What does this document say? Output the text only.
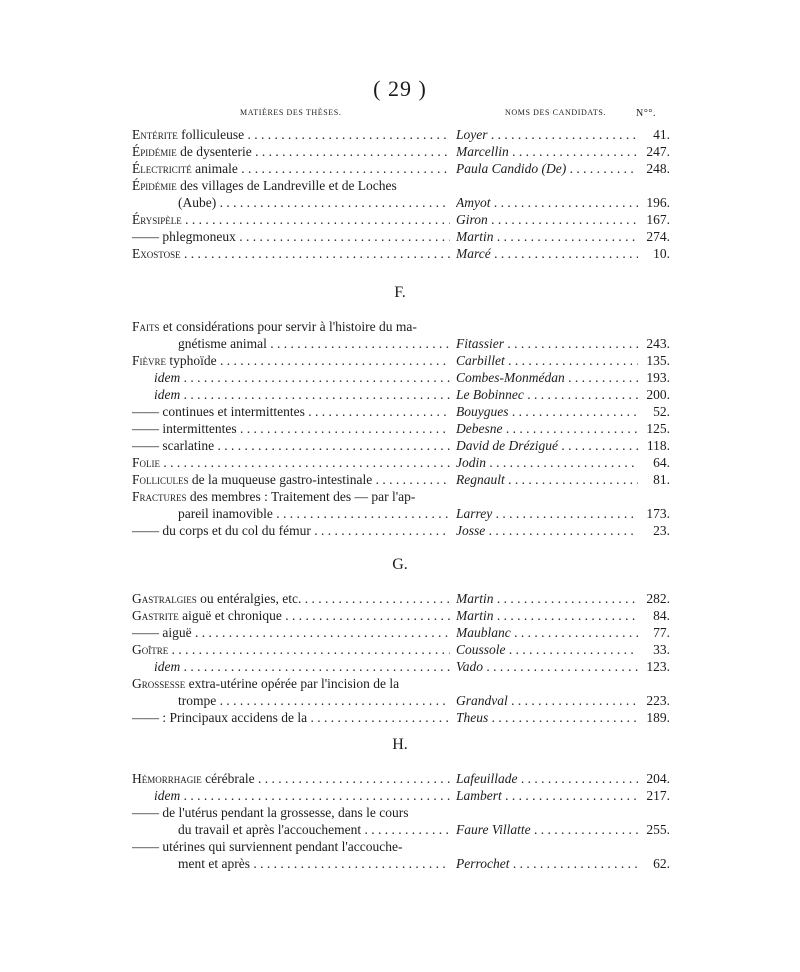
( 29 )
MATIÈRES DES THÈSES.	NOMS DES CANDIDATS.	N°°.
Entérite folliculeuse . . .	Loyer . . .	41.
Épidémie de dysenterie . . .	Marcellin . . .	247.
Électricité animale . . .	Paula Candido (De) . . .	248.
Épidémie des villages de Landreville et de Loches
(Aube) . . .	Amyot . . .	196.
Érysipèle . . .	Giron . . .	167.
—— phlegmoneux . . .	Martin . . .	274.
Exostose . . .	Marcé . . .	10.
Faits et considérations pour servir à l'histoire du ma-
gnétisme animal . . .	Fitassier . . .	243.
Fièvre typhoïde . . .	Carbillet . . .	135.
idem . . .	Combes-Monmédan . . .	193.
idem . . .	Le Bobinnec . . .	200.
—— continues et intermittentes . . .	Bouygues . . .	52.
—— intermittentes . . .	Debesne . . .	125.
—— scarlatine . . .	David de Drézigué . . .	118.
Folie . . .	Jodin . . .	64.
Follicules de la muqueuse gastro-intestinale . . .	Regnault . . .	81.
Fractures des membres : Traitement des — par l'ap-
pareil inamovible . . .	Larrey . . .	173.
—— du corps et du col du fémur . . .	Josse . . .	23.
Gastralgies ou entéralgies, etc. . . .	Martin . . .	282.
Gastrite aiguë et chronique . . .	Martin . . .	84.
—— aiguë . . .	Maublanc . . .	77.
Goître . . .	Coussole . . .	33.
idem . . .	Vado . . .	123.
Grossesse extra-utérine opérée par l'incision de la
trompe . . .	Grandval . . .	223.
—— : Principaux accidens de la . . .	Theus . . .	189.
Hémorrhagie cérébrale . . .	Lafeuillade . . .	204.
idem . . .	Lambert . . .	217.
—— de l'utérus pendant la grossesse, dans le cours
du travail et après l'accouchement . . .	Faure Villatte . . .	255.
—— utérines qui surviennent pendant l'accouche-
ment et après . . .	Perrochet . . .	62.
F.
G.
H.
